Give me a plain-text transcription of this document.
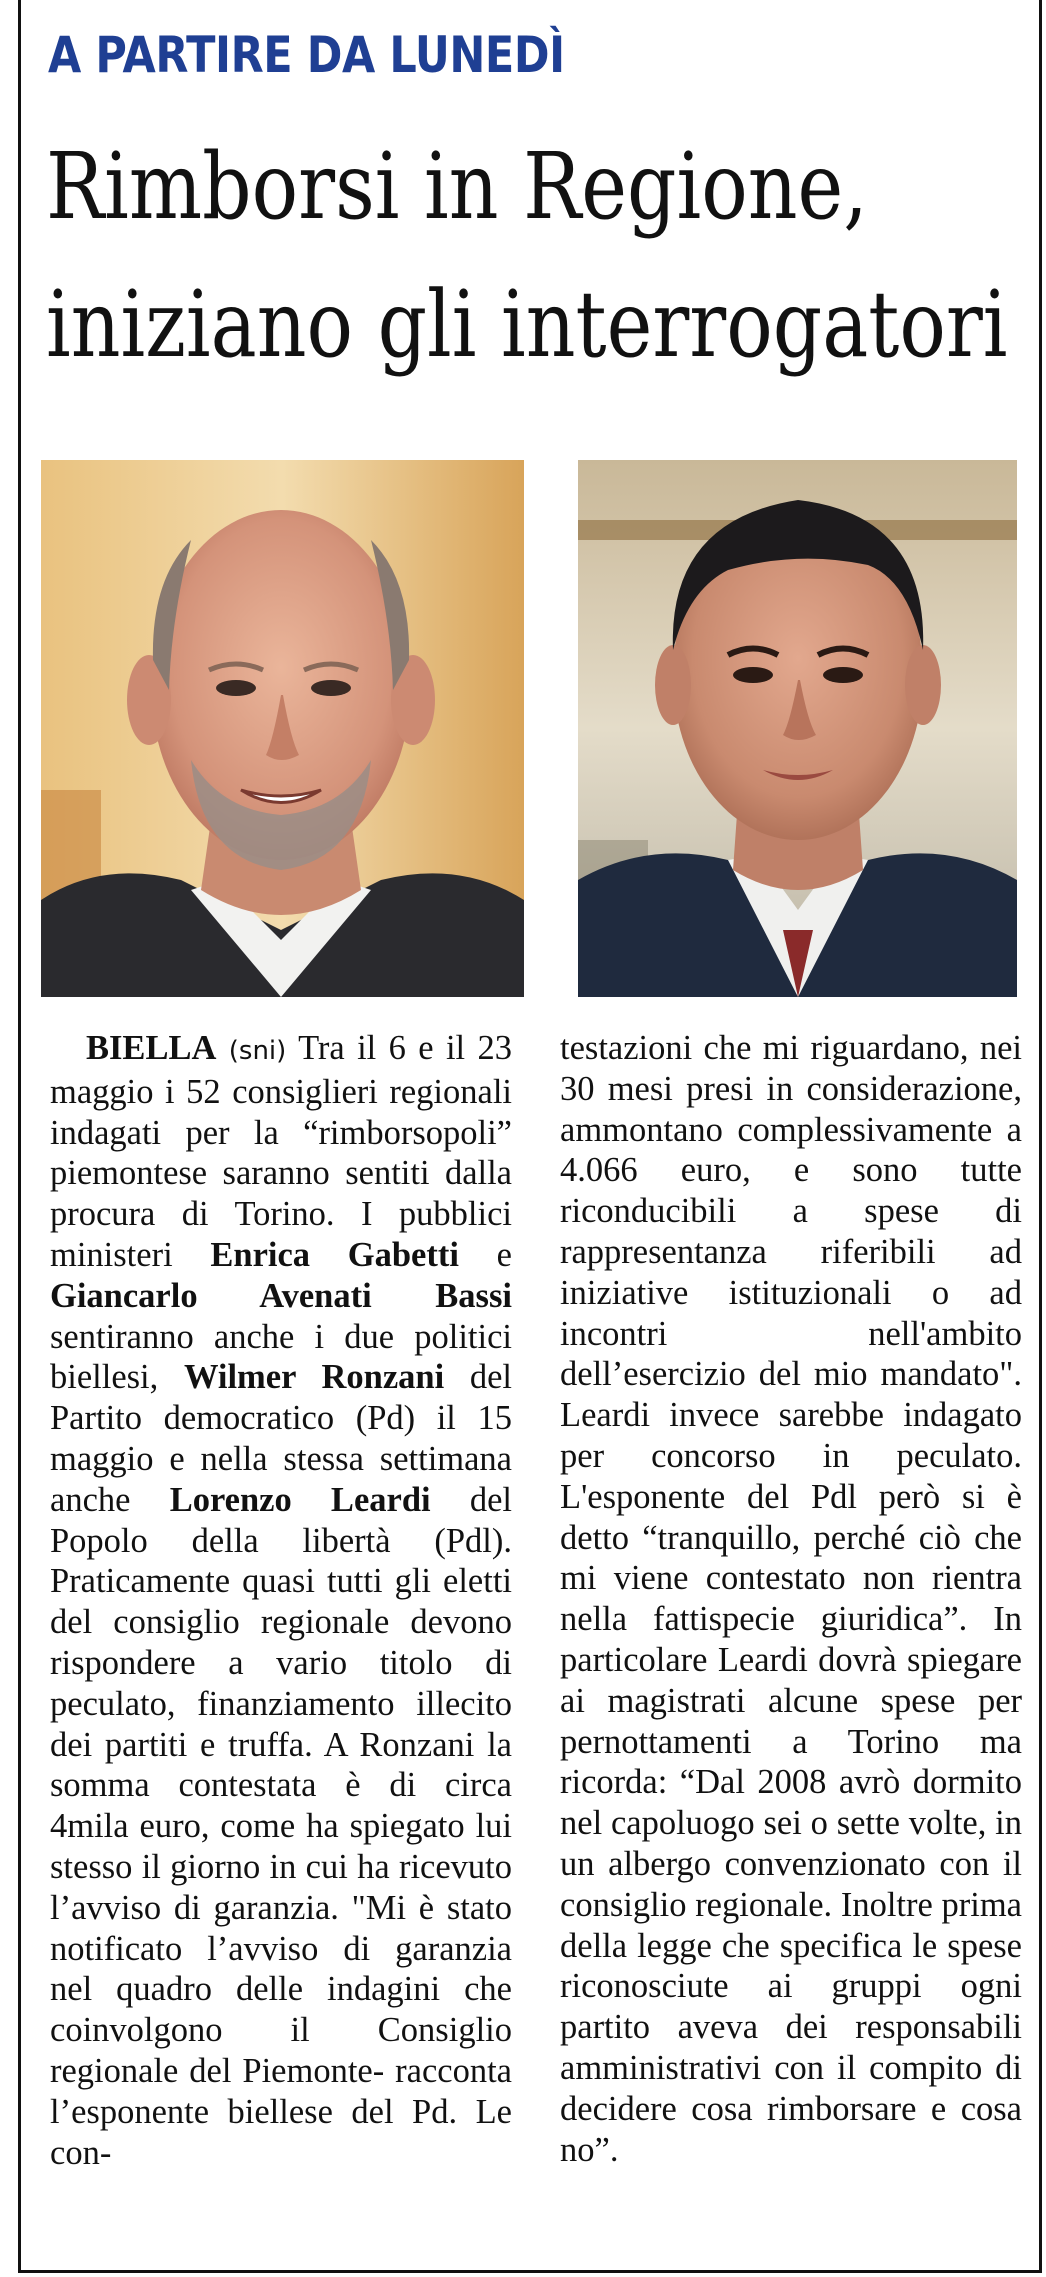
A PARTIRE DA LUNEDÌ
Rimborsi in Regione,
iniziano gli interrogatori

BIELLA (sni) Tra il 6 e il 23 maggio i 52 consiglieri regionali indagati per la “rimborsopoli” piemontese saranno sentiti dalla procura di Torino. I pubblici ministeri Enrica Gabetti e Giancarlo Avenati Bassi sentiranno anche i due politici biellesi, Wilmer Ronzani del Partito democratico (Pd) il 15 maggio e nella stessa settimana anche Lorenzo Leardi del Popolo della libertà (Pdl). Praticamente quasi tutti gli eletti del consiglio regionale devono rispondere a vario titolo di peculato, finanziamento illecito dei partiti e truffa. A Ronzani la somma contestata è di circa 4mila euro, come ha spiegato lui stesso il giorno in cui ha ricevuto l’avviso di garanzia. "Mi è stato notificato l’avviso di garanzia nel quadro delle indagini che coinvolgono il Consiglio regionale del Piemonte- racconta l’esponente biellese del Pd. Le con-

testazioni che mi riguardano, nei 30 mesi presi in considerazione, ammontano complessivamente a 4.066 euro, e sono tutte riconducibili a spese di rappresentanza riferibili ad iniziative istituzionali o ad incontri nell'ambito dell’esercizio del mio mandato". Leardi invece sarebbe indagato per concorso in peculato. L'esponente del Pdl però si è detto “tranquillo, perché ciò che mi viene contestato non rientra nella fattispecie giuridica”. In particolare Leardi dovrà spiegare ai magistrati alcune spese per pernottamenti a Torino ma ricorda: “Dal 2008 avrò dormito nel capoluogo sei o sette volte, in un albergo convenzionato con il consiglio regionale. Inoltre prima della legge che specifica le spese riconosciute ai gruppi ogni partito aveva dei responsabili amministrativi con il compito di decidere cosa rimborsare e cosa no”.
